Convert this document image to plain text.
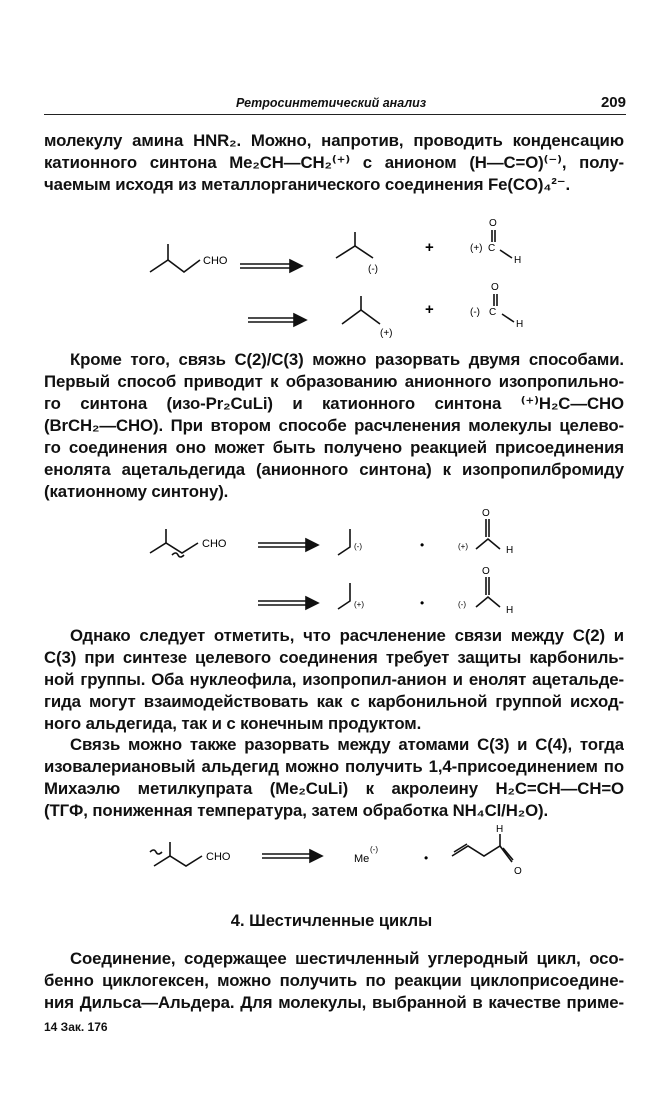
Ретросинтетический анализ	209
молекулу амина HNR₂. Можно, напротив, проводить конденсацию
катионного синтона Me₂CH—CH₂⁽⁺⁾ с анионом (H—C=O)⁽⁻⁾, полу-
чаемым исходя из металлорганического соединения Fe(CO)₄²⁻.
CHO
(-)
+
O
(+) C
H
(+)
+
O
(-) C
H
Кроме того, связь C(2)/C(3) можно разорвать двумя способами.
Первый способ приводит к образованию анионного изопропильно-
го синтона (изо-Pr₂CuLi) и катионного синтона ⁽⁺⁾H₂C—CHO
(BrCH₂—CHO). При втором способе расчленения молекулы целево-
го соединения оно может быть получено реакцией присоединения
енолята ацетальдегида (анионного синтона) к изопропилбромиду
(катионному синтону).
CHO	(-)	•	(+)
O
H
(+)	•	(-)
O
H
Однако следует отметить, что расчленение связи между C(2) и
C(3) при синтезе целевого соединения требует защиты карбониль-
ной группы. Оба нуклеофила, изопропил-анион и енолят ацетальде-
гида могут взаимодействовать как с карбонильной группой исход-
ного альдегида, так и с конечным продуктом.
Связь можно также разорвать между атомами C(3) и C(4), тогда
изовалериановый альдегид можно получить 1,4-присоединением по
Михаэлю метилкупрата (Me₂CuLi) к акролеину H₂C=CH—CH=O
(ТГФ, пониженная температура, затем обработка NH₄Cl/H₂O).
CHO	Me
(-)
•
H
O
4. Шестичленные циклы
Соединение, содержащее шестичленный углеродный цикл, осо-
бенно циклогексен, можно получить по реакции циклоприсоедине-
ния Дильса—Альдера. Для молекулы, выбранной в качестве приме-
14 Зак. 176
